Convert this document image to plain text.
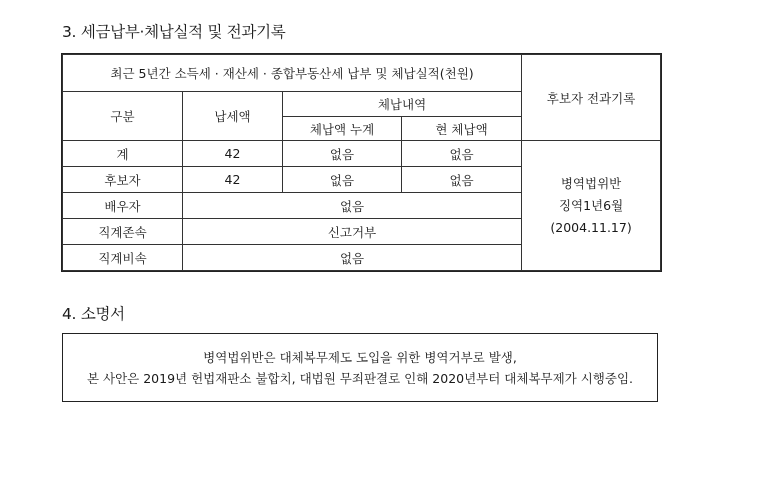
3. 세금납부·체납실적 및 전과기록
최근 5년간 소득세 · 재산세 · 종합부동산세 납부 및 체납실적(천원)				후보자 전과기록
구분	납세액	체납내역		
		체납액 누계	현 체납액	
계	42	없음	없음	병역법위반
징역1년6월
(2004.11.17)

후보자	42	없음	없음	
배우자	없음			
직계존속	신고거부			
직계비속	없음			
4. 소명서
병역법위반은 대체복무제도 도입을 위한 병역거부로 발생,
본 사안은 2019년 헌법재판소 불합치, 대법원 무죄판결로 인해 2020년부터 대체복무제가 시행중임.
